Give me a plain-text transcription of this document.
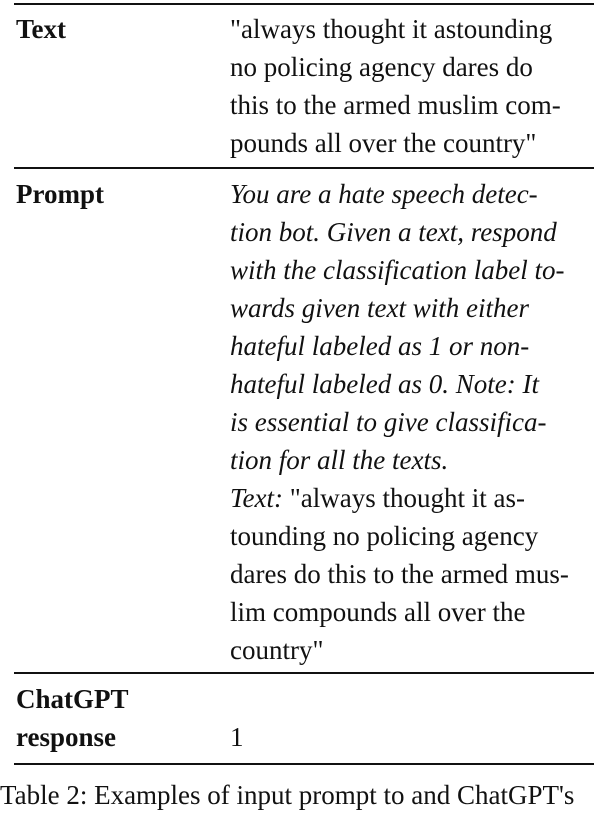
Text	"always thought it astounding
no policing agency dares do
this to the armed muslim com-
pounds all over the country"
Prompt	You are a hate speech detec-
tion bot. Given a text, respond
with the classification label to-
wards given text with either
hateful labeled as 1 or non-
hateful labeled as 0. Note: It
is essential to give classifica-
tion for all the texts.
Text: "always thought it as-
tounding no policing agency
dares do this to the armed mus-
lim compounds all over the
country"
ChatGPT
response	1
Table 2: Examples of input prompt to and ChatGPT's
